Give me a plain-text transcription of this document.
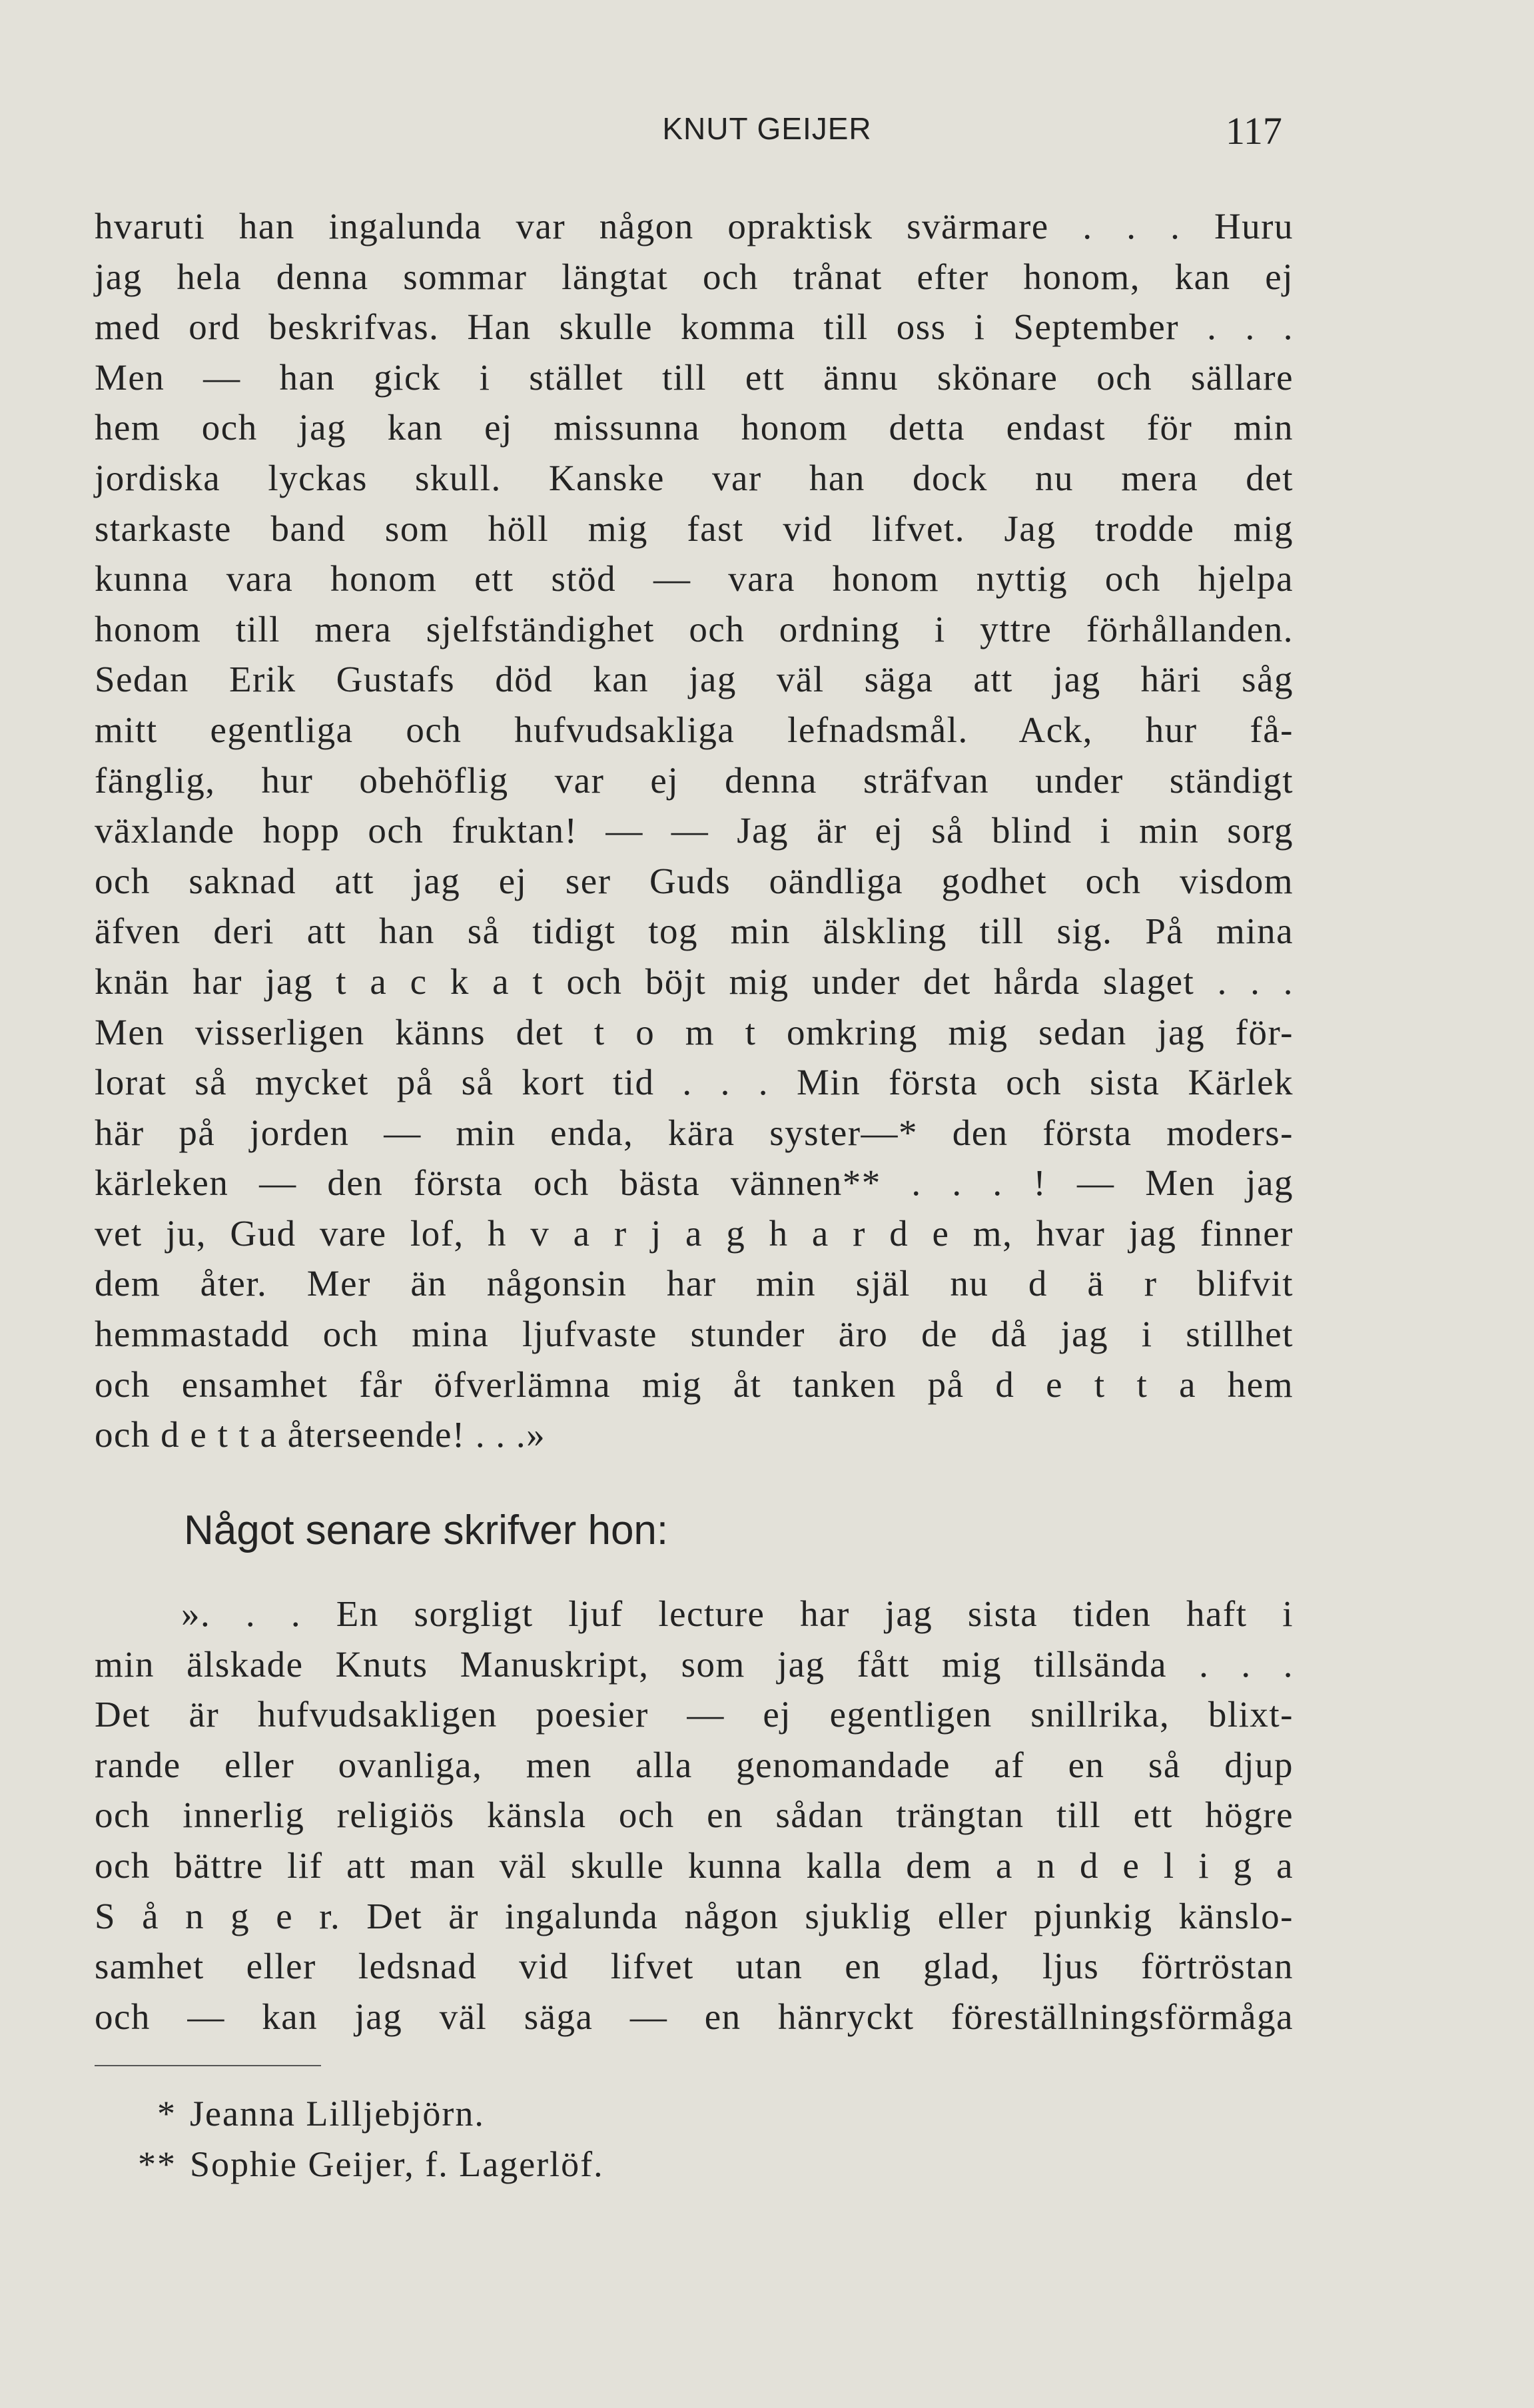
KNUT GEIJER	117
hvaruti han ingalunda var någon opraktisk svärmare . . . Huru
jag hela denna sommar längtat och trånat efter honom, kan ej
med ord beskrifvas. Han skulle komma till oss i September . . .
Men — han gick i stället till ett ännu skönare och sällare
hem och jag kan ej missunna honom detta endast för min
jordiska lyckas skull. Kanske var han dock nu mera det
starkaste band som höll mig fast vid lifvet. Jag trodde mig
kunna vara honom ett stöd — vara honom nyttig och hjelpa
honom till mera sjelfständighet och ordning i yttre förhållanden.
Sedan Erik Gustafs död kan jag väl säga att jag häri såg
mitt egentliga och hufvudsakliga lefnadsmål. Ack, hur få-
fänglig, hur obehöflig var ej denna sträfvan under ständigt
växlande hopp och fruktan! — — Jag är ej så blind i min sorg
och saknad att jag ej ser Guds oändliga godhet och visdom
äfven deri att han så tidigt tog min älskling till sig. På mina
knän har jag t a c k a t och böjt mig under det hårda slaget . . .
Men visserligen känns det t o m t omkring mig sedan jag för-
lorat så mycket på så kort tid . . . Min första och sista Kärlek
här på jorden — min enda, kära syster—* den första moders-
kärleken — den första och bästa vännen** . . . ! — Men jag
vet ju, Gud vare lof, h v a r j a g h a r d e m, hvar jag finner
dem åter. Mer än någonsin har min själ nu d ä r blifvit
hemmastadd och mina ljufvaste stunder äro de då jag i stillhet
och ensamhet får öfverlämna mig åt tanken på d e t t a hem
och d e t t a återseende! . . .»
Något senare skrifver hon:
». . . En sorgligt ljuf lecture har jag sista tiden haft i
min älskade Knuts Manuskript, som jag fått mig tillsända . . .
Det är hufvudsakligen poesier — ej egentligen snillrika, blixt-
rande eller ovanliga, men alla genomandade af en så djup
och innerlig religiös känsla och en sådan trängtan till ett högre
och bättre lif att man väl skulle kunna kalla dem a n d e l i g a
S å n g e r. Det är ingalunda någon sjuklig eller pjunkig känslo-
samhet eller ledsnad vid lifvet utan en glad, ljus förtröstan
och — kan jag väl säga — en hänryckt föreställningsförmåga
* Jeanna Lilljebjörn.
** Sophie Geijer, f. Lagerlöf.
